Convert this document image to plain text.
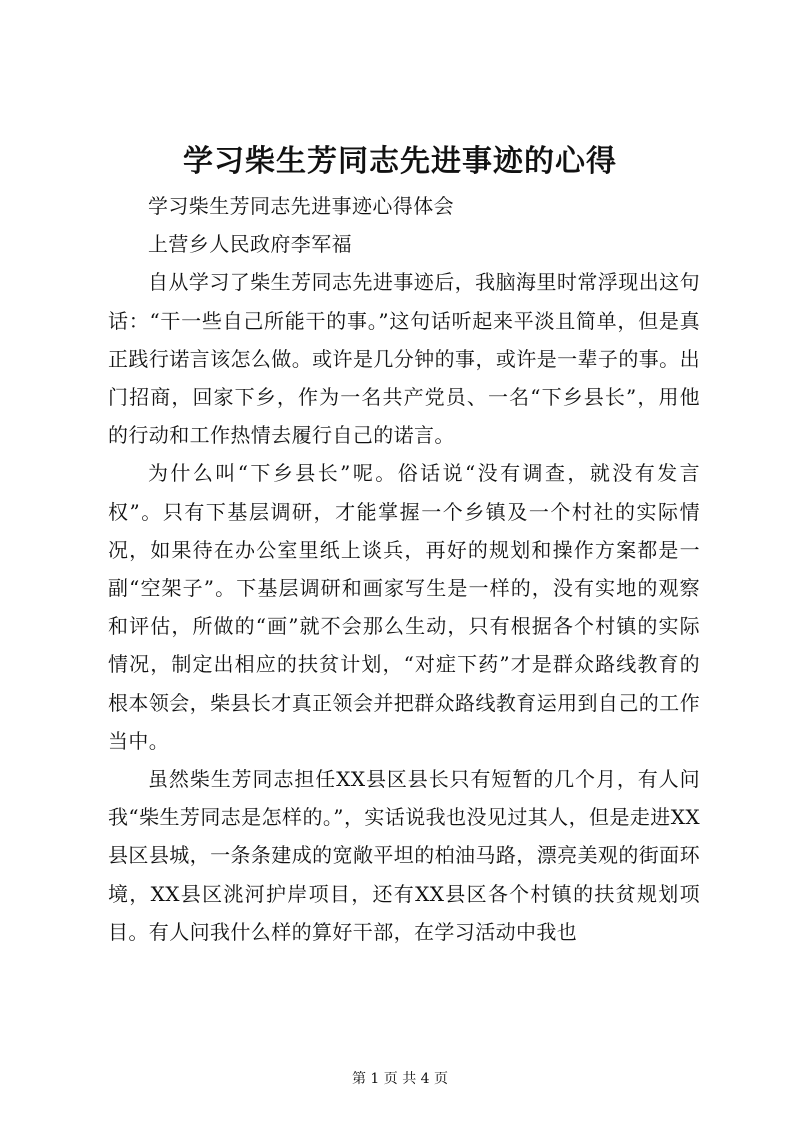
学习柴生芳同志先进事迹的心得

学习柴生芳同志先进事迹心得体会

上营乡人民政府李军福

自从学习了柴生芳同志先进事迹后，我脑海里时常浮现出这句话：“干一些自己所能干的事。”这句话听起来平淡且简单，但是真正践行诺言该怎么做。或许是几分钟的事，或许是一辈子的事。出门招商，回家下乡，作为一名共产党员、一名“下乡县长”，用他的行动和工作热情去履行自己的诺言。

为什么叫“下乡县长”呢。俗话说“没有调查，就没有发言权”。只有下基层调研，才能掌握一个乡镇及一个村社的实际情况，如果待在办公室里纸上谈兵，再好的规划和操作方案都是一副“空架子”。下基层调研和画家写生是一样的，没有实地的观察和评估，所做的“画”就不会那么生动，只有根据各个村镇的实际情况，制定出相应的扶贫计划，“对症下药”才是群众路线教育的根本领会，柴县长才真正领会并把群众路线教育运用到自己的工作当中。

虽然柴生芳同志担任XX县区县长只有短暂的几个月，有人问我“柴生芳同志是怎样的。”，实话说我也没见过其人，但是走进XX县区县城，一条条建成的宽敞平坦的柏油马路，漂亮美观的街面环境，XX县区洮河护岸项目，还有XX县区各个村镇的扶贫规划项目。有人问我什么样的算好干部，在学习活动中我也

第 1 页 共 4 页
